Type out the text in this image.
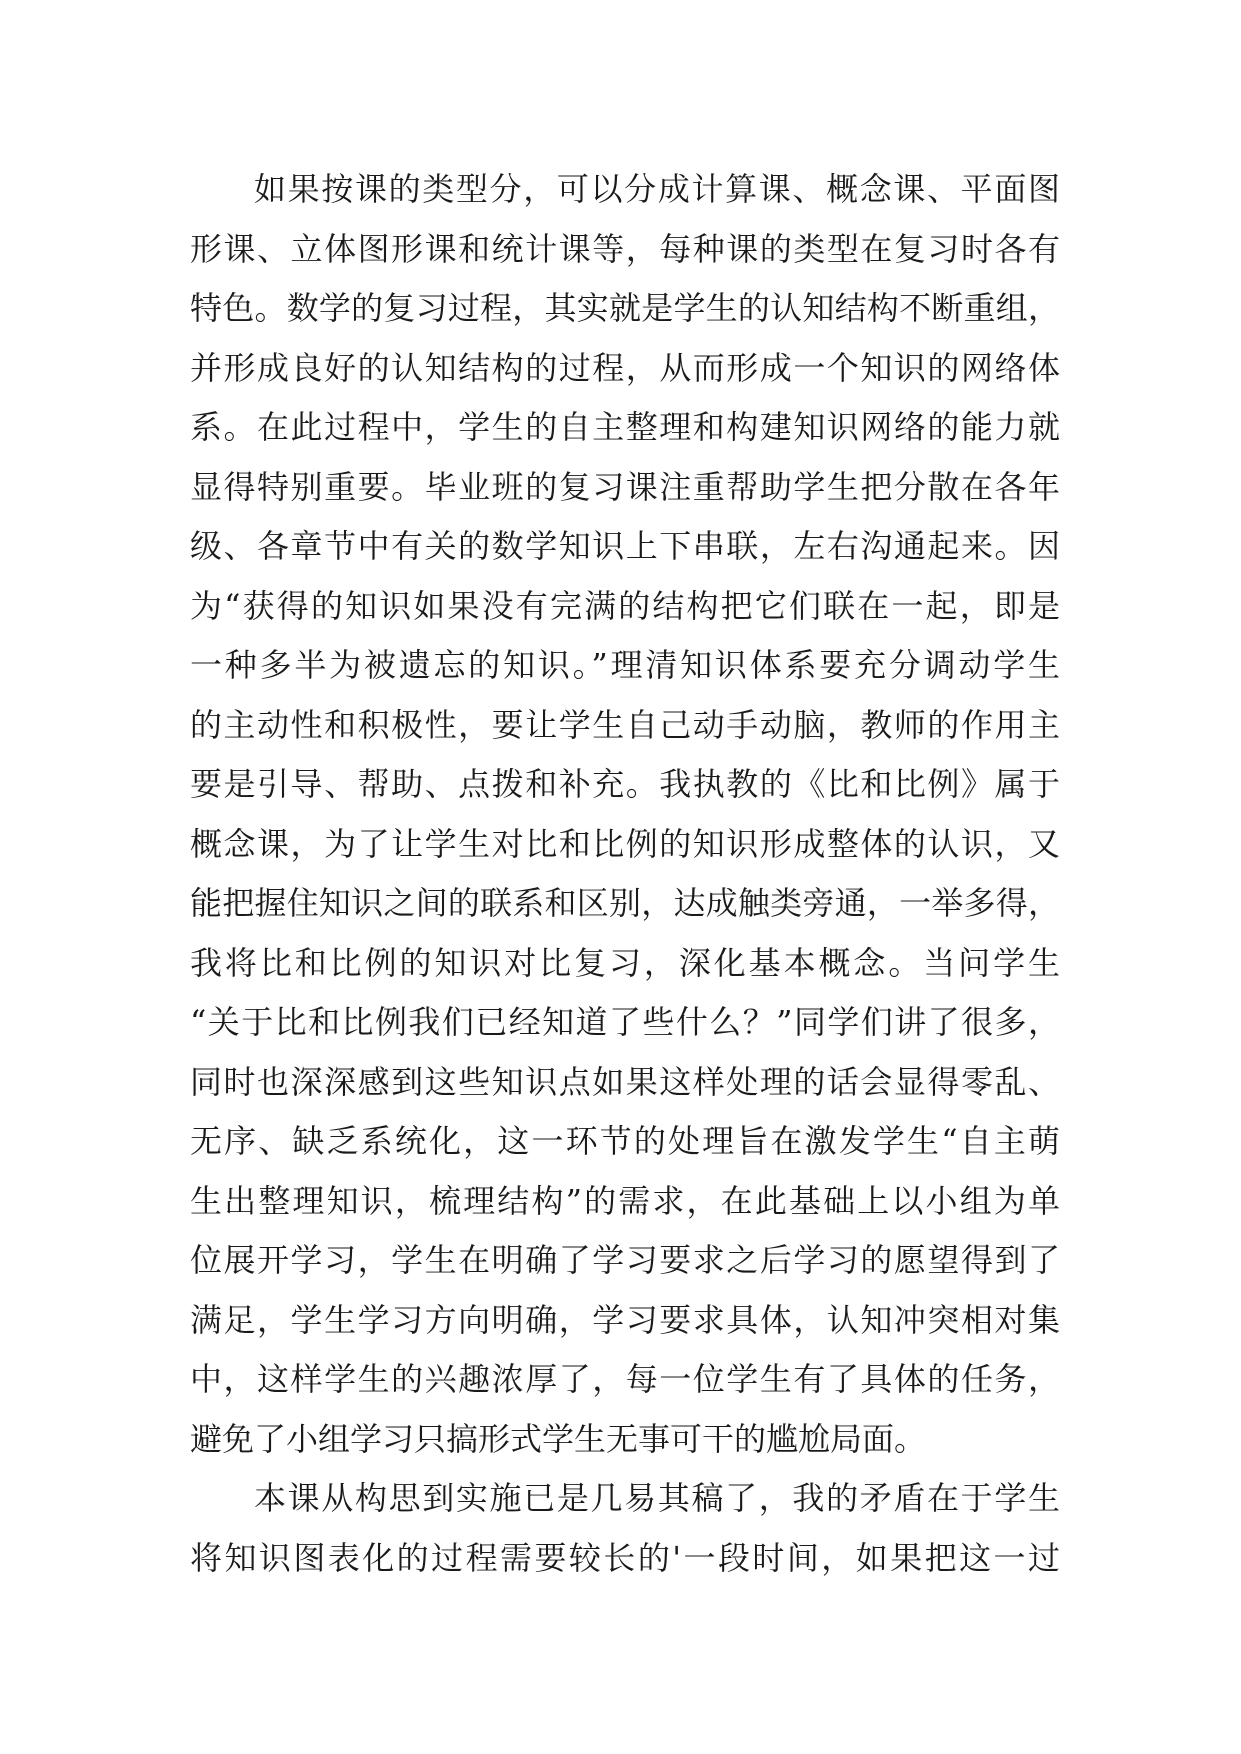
如果按课的类型分，可以分成计算课、概念课、平面图
形课、立体图形课和统计课等，每种课的类型在复习时各有
特色。数学的复习过程，其实就是学生的认知结构不断重组，
并形成良好的认知结构的过程，从而形成一个知识的网络体
系。在此过程中，学生的自主整理和构建知识网络的能力就
显得特别重要。毕业班的复习课注重帮助学生把分散在各年
级、各章节中有关的数学知识上下串联，左右沟通起来。因
为“获得的知识如果没有完满的结构把它们联在一起，即是
一种多半为被遗忘的知识。”理清知识体系要充分调动学生
的主动性和积极性，要让学生自己动手动脑，教师的作用主
要是引导、帮助、点拨和补充。我执教的《比和比例》属于
概念课，为了让学生对比和比例的知识形成整体的认识，又
能把握住知识之间的联系和区别，达成触类旁通，一举多得，
我将比和比例的知识对比复习，深化基本概念。当问学生
“关于比和比例我们已经知道了些什么？”同学们讲了很多，
同时也深深感到这些知识点如果这样处理的话会显得零乱、
无序、缺乏系统化，这一环节的处理旨在激发学生“自主萌
生出整理知识，梳理结构”的需求，在此基础上以小组为单
位展开学习，学生在明确了学习要求之后学习的愿望得到了
满足，学生学习方向明确，学习要求具体，认知冲突相对集
中，这样学生的兴趣浓厚了，每一位学生有了具体的任务，
避免了小组学习只搞形式学生无事可干的尴尬局面。
本课从构思到实施已是几易其稿了，我的矛盾在于学生
将知识图表化的过程需要较长的'一段时间，如果把这一过
